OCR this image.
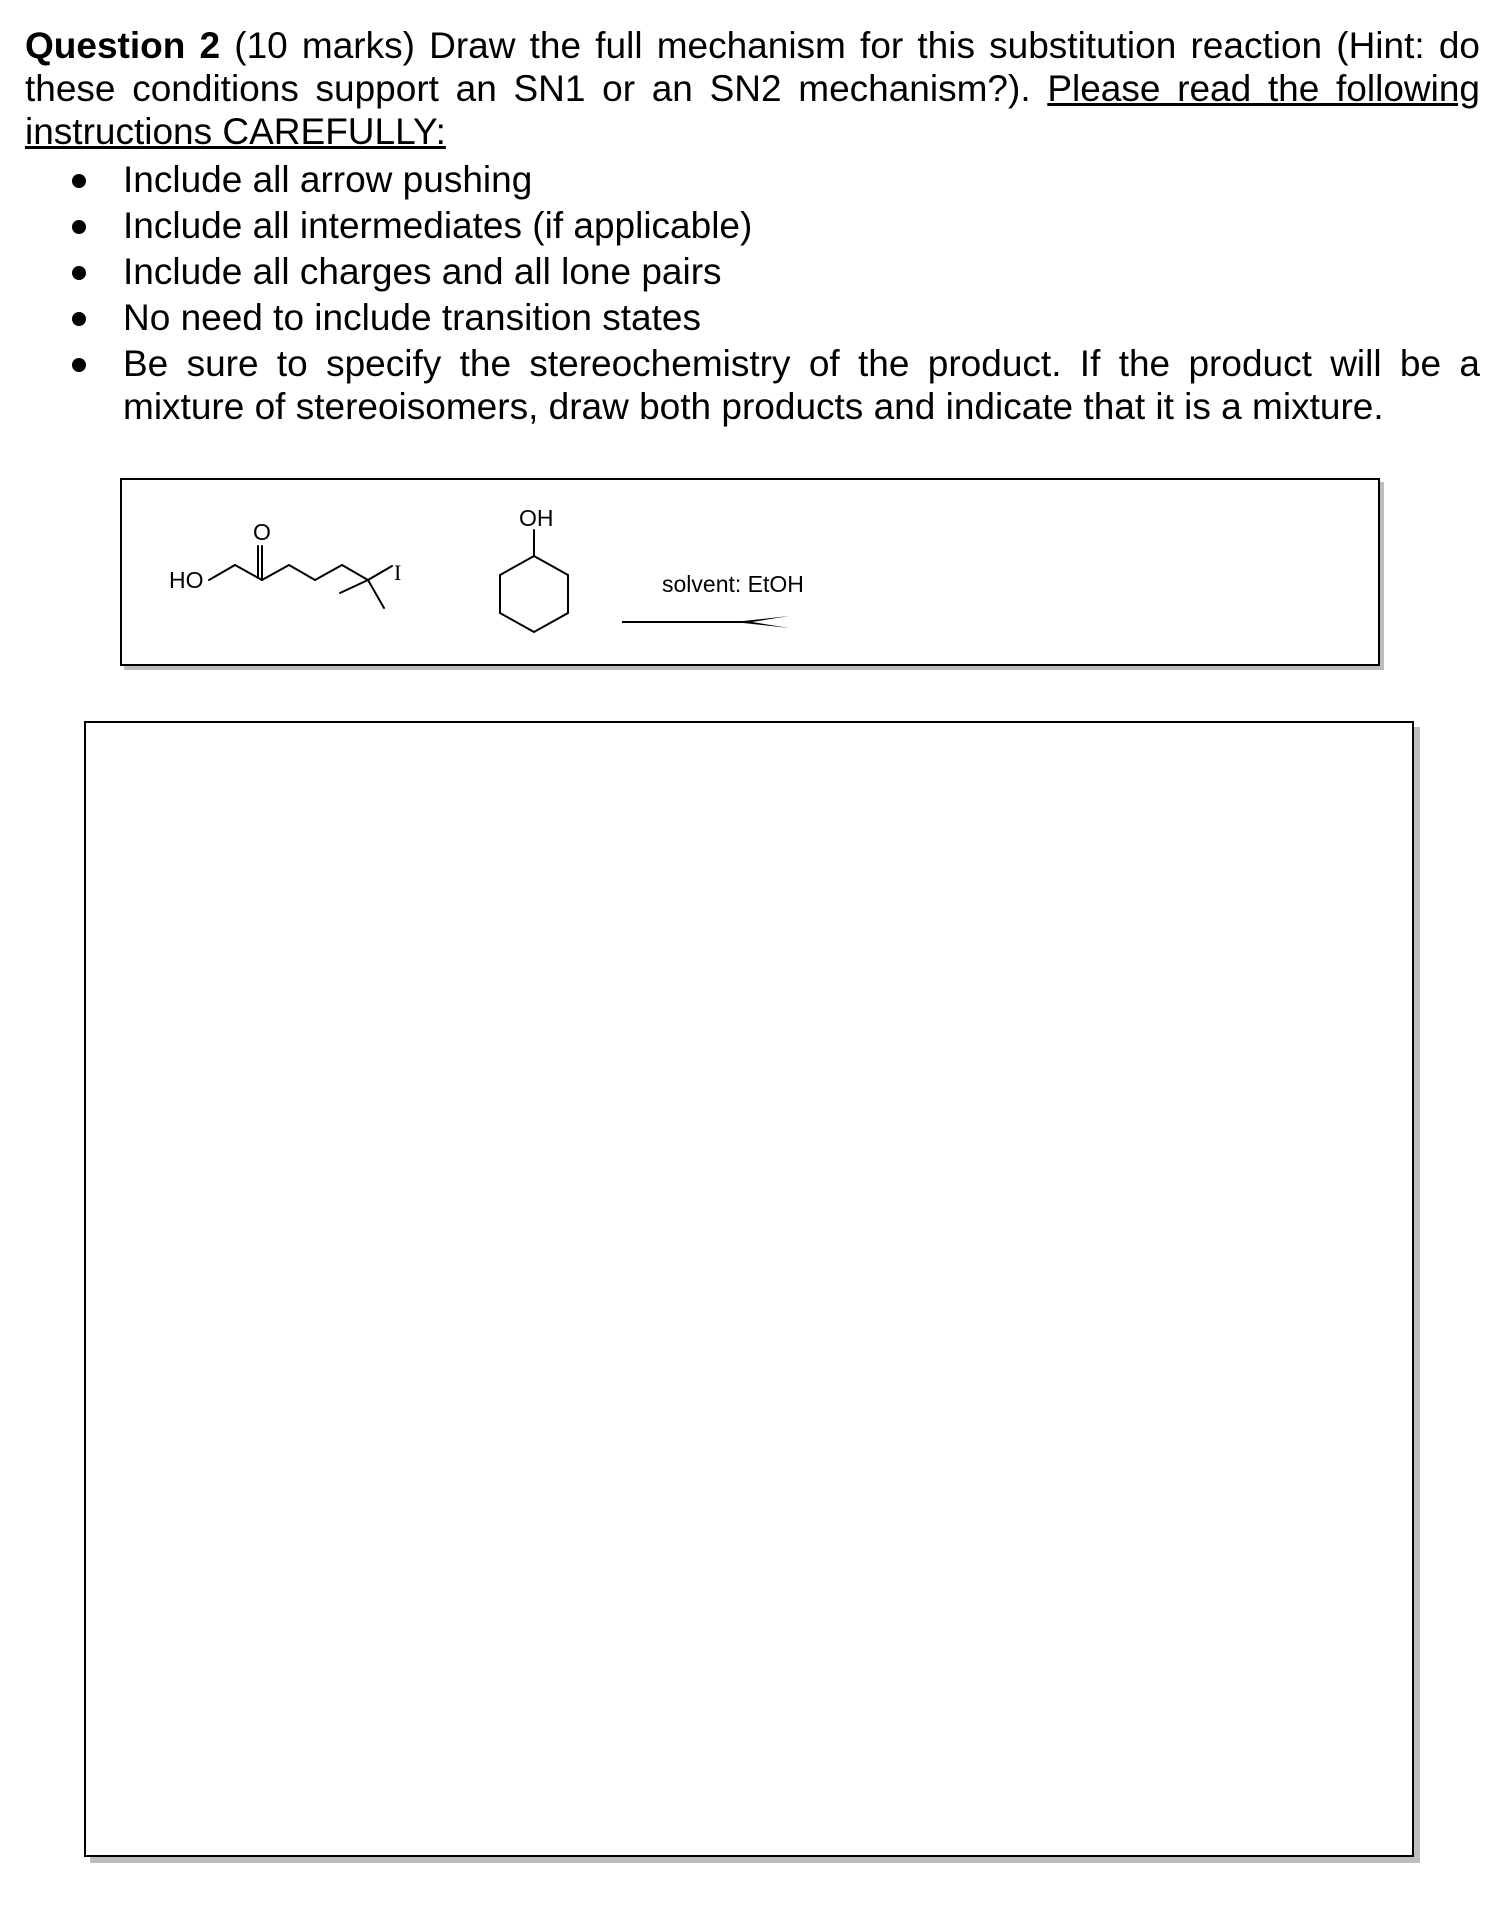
Question 2 (10 marks) Draw the full mechanism for this substitution reaction (Hint: do these conditions support an SN1 or an SN2 mechanism?). Please read the following instructions CAREFULLY:
Include all arrow pushing
Include all intermediates (if applicable)
Include all charges and all lone pairs
No need to include transition states
Be sure to specify the stereochemistry of the product. If the product will be a mixture of stereoisomers, draw both products and indicate that it is a mixture.
HO
O
OH
solvent: EtOH
I
